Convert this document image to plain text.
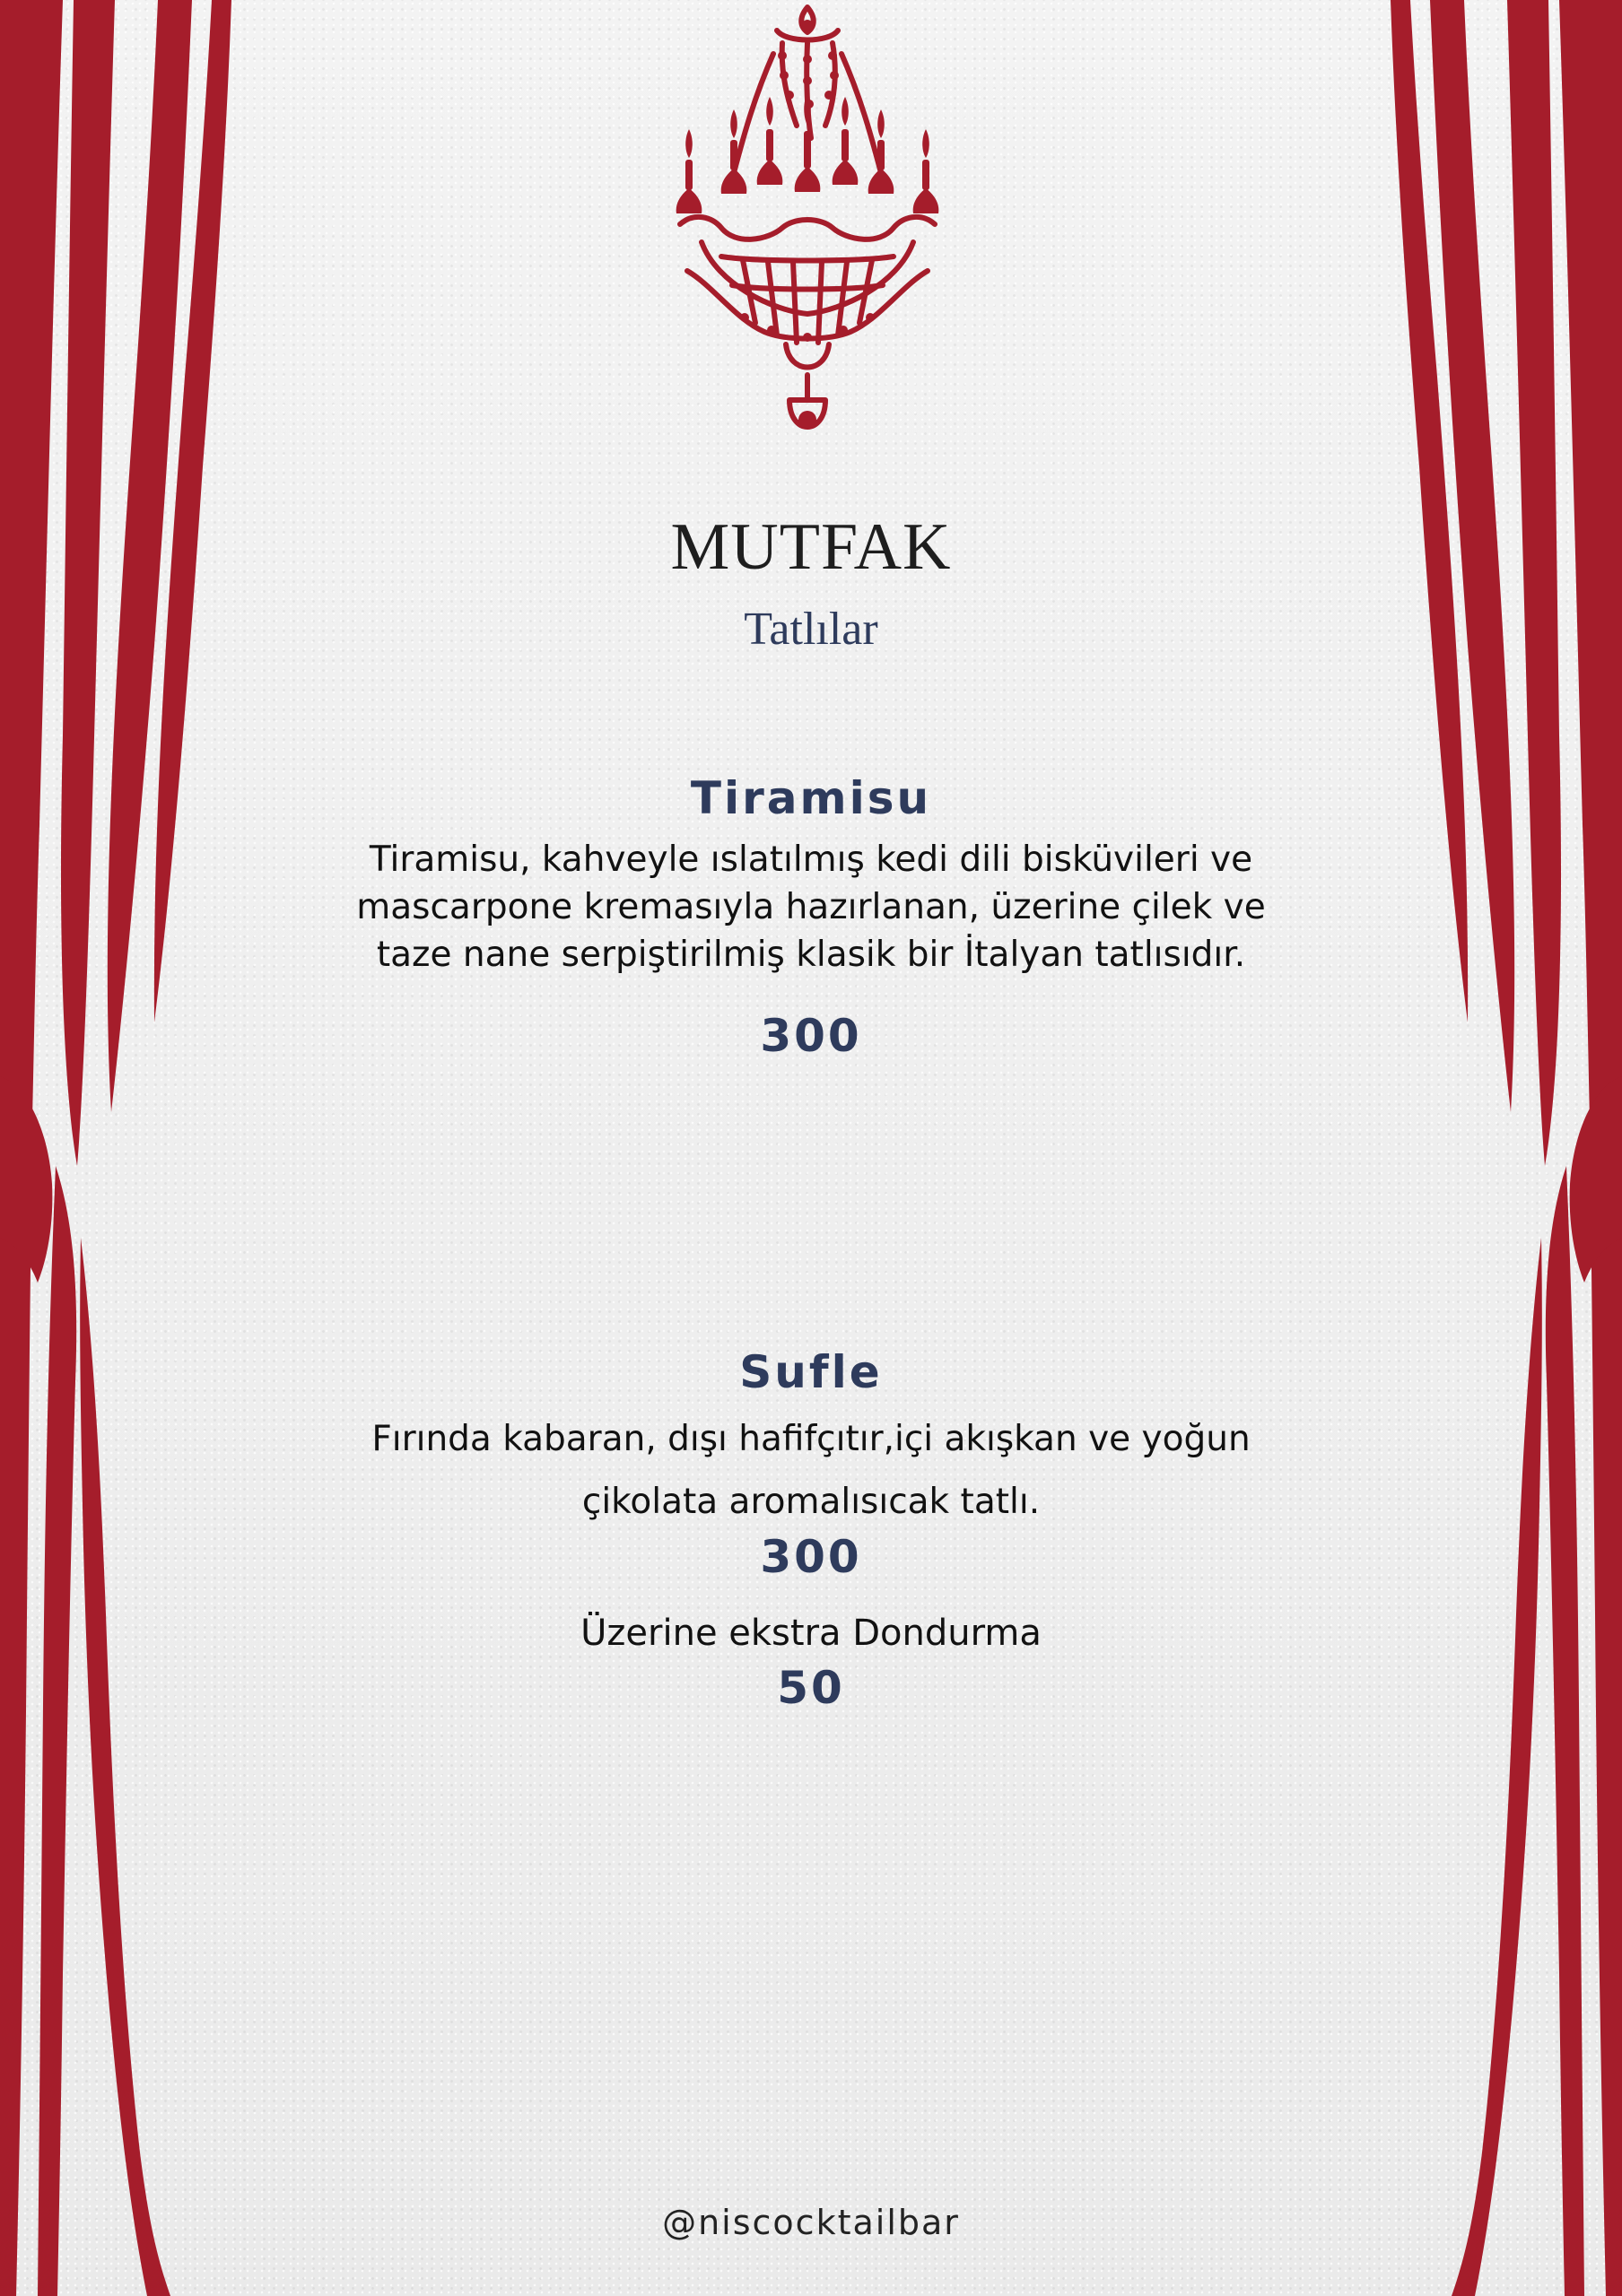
MUTFAK
Tatlılar
Tiramisu
Tiramisu, kahveyle ıslatılmış kedi dili bisküvileri ve
mascarpone kremasıyla hazırlanan, üzerine çilek ve
taze nane serpiştirilmiş klasik bir İtalyan tatlısıdır.
300
Sufle
Fırında kabaran, dışı hafifçıtır,içi akışkan ve yoğun
çikolata aromalısıcak tatlı.
300
Üzerine ekstra Dondurma
50
@niscocktailbar
